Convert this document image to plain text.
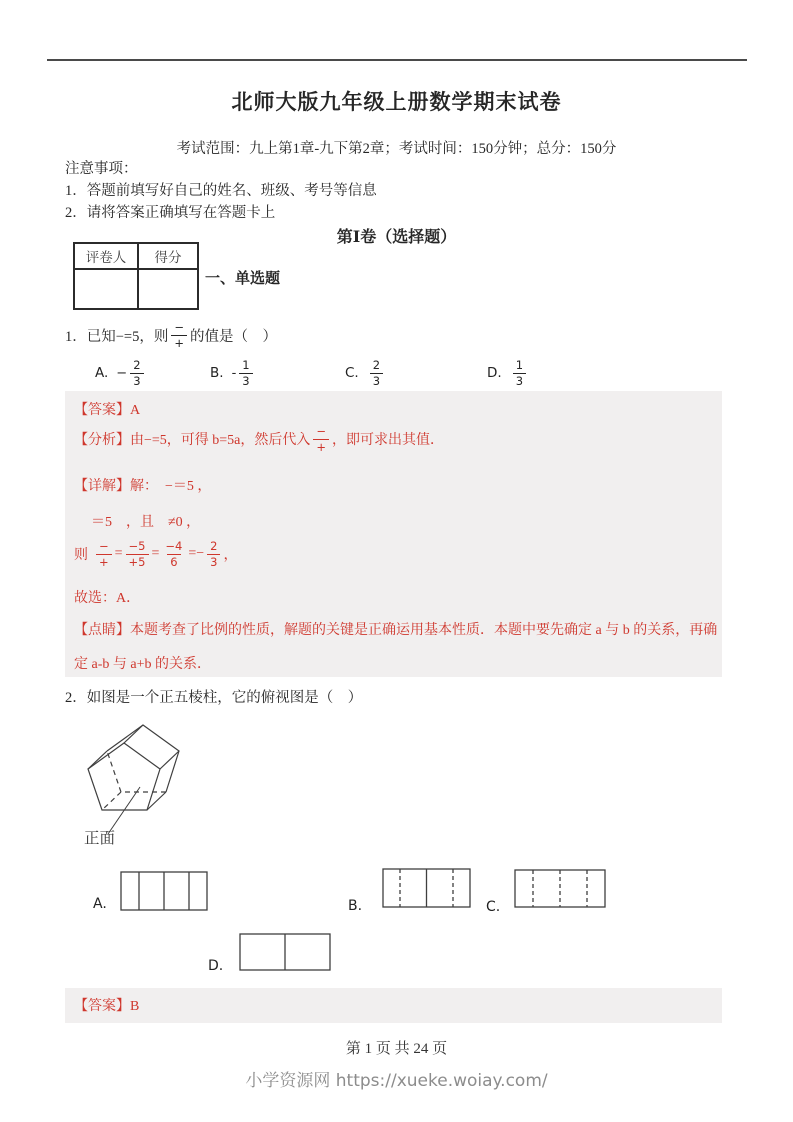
北师大版九年级上册数学期末试卷
考试范围：九上第1章-九下第2章；考试时间：150分钟；总分：150分
注意事项：
1．答题前填写好自己的姓名、班级、考号等信息
2．请将答案正确填写在答题卡上
第Ⅰ卷（选择题）
评卷人	得分
一、单选题
1．已知−=5，则 $\frac{-}{+}$ 的值是（　）
A. − $\frac{2}{3}$	B. - $\frac{1}{3}$	C. $\frac{2}{3}$	D. $\frac{1}{3}$
【答案】A
【分析】由−=5，可得 b=5a，然后代入 $\frac{-}{+}$ ，即可求出其值．
【详解】解：　−＝5 ，
＝5　，且　≠0 ，
则 $\frac{-}{+} = \frac{-5}{+5} = \frac{-4}{6} =- \frac{2}{3}$ ，
故选：A．
【点睛】本题考查了比例的性质，解题的关键是正确运用基本性质．本题中要先确定 a 与 b 的关系，再确
定 a-b 与 a+b 的关系．
2．如图是一个正五棱柱，它的俯视图是（　）
正面
A.	B.	C.
D.
【答案】B
第 1 页 共 24 页
小学资源网 https://xueke.woiay.com/
